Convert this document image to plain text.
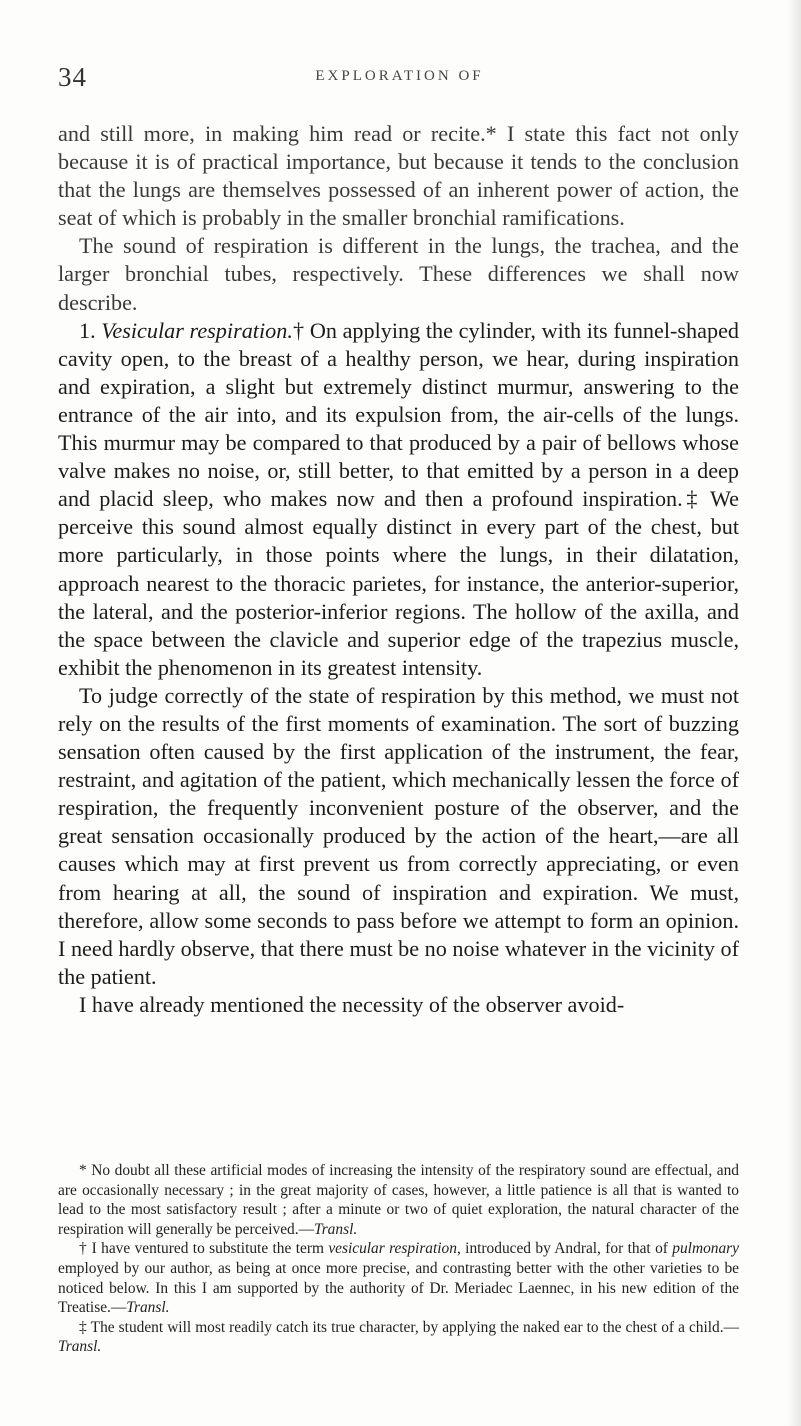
34	EXPLORATION OF

and still more, in making him read or recite.* I state this fact not only because it is of practical importance, but because it tends to the conclusion that the lungs are themselves possessed of an inherent power of action, the seat of which is probably in the smaller bronchial ramifications.

The sound of respiration is different in the lungs, the trachea, and the larger bronchial tubes, respectively. These differences we shall now describe.

1. Vesicular respiration.† On applying the cylinder, with its funnel-shaped cavity open, to the breast of a healthy person, we hear, during inspiration and expiration, a slight but extremely distinct murmur, answering to the entrance of the air into, and its expulsion from, the air-cells of the lungs. This murmur may be compared to that produced by a pair of bellows whose valve makes no noise, or, still better, to that emitted by a person in a deep and placid sleep, who makes now and then a profound inspiration.‡ We perceive this sound almost equally distinct in every part of the chest, but more particularly, in those points where the lungs, in their dilatation, approach nearest to the thoracic parietes, for instance, the anterior-superior, the lateral, and the posterior-inferior regions. The hollow of the axilla, and the space between the clavicle and superior edge of the trapezius muscle, exhibit the phenomenon in its greatest intensity.

To judge correctly of the state of respiration by this method, we must not rely on the results of the first moments of examination. The sort of buzzing sensation often caused by the first application of the instrument, the fear, restraint, and agitation of the patient, which mechanically lessen the force of respiration, the frequently inconvenient posture of the observer, and the great sensation occasionally produced by the action of the heart,—are all causes which may at first prevent us from correctly appreciating, or even from hearing at all, the sound of inspiration and expiration. We must, therefore, allow some seconds to pass before we attempt to form an opinion. I need hardly observe, that there must be no noise whatever in the vicinity of the patient.

I have already mentioned the necessity of the observer avoid-

* No doubt all these artificial modes of increasing the intensity of the respiratory sound are effectual, and are occasionally necessary ; in the great majority of cases, however, a little patience is all that is wanted to lead to the most satisfactory result ; after a minute or two of quiet exploration, the natural character of the respiration will generally be perceived.—Transl.

† I have ventured to substitute the term vesicular respiration, introduced by Andral, for that of pulmonary employed by our author, as being at once more precise, and contrasting better with the other varieties to be noticed below. In this I am supported by the authority of Dr. Meriadec Laennec, in his new edition of the Treatise.—Transl.

‡ The student will most readily catch its true character, by applying the naked ear to the chest of a child.—Transl.
